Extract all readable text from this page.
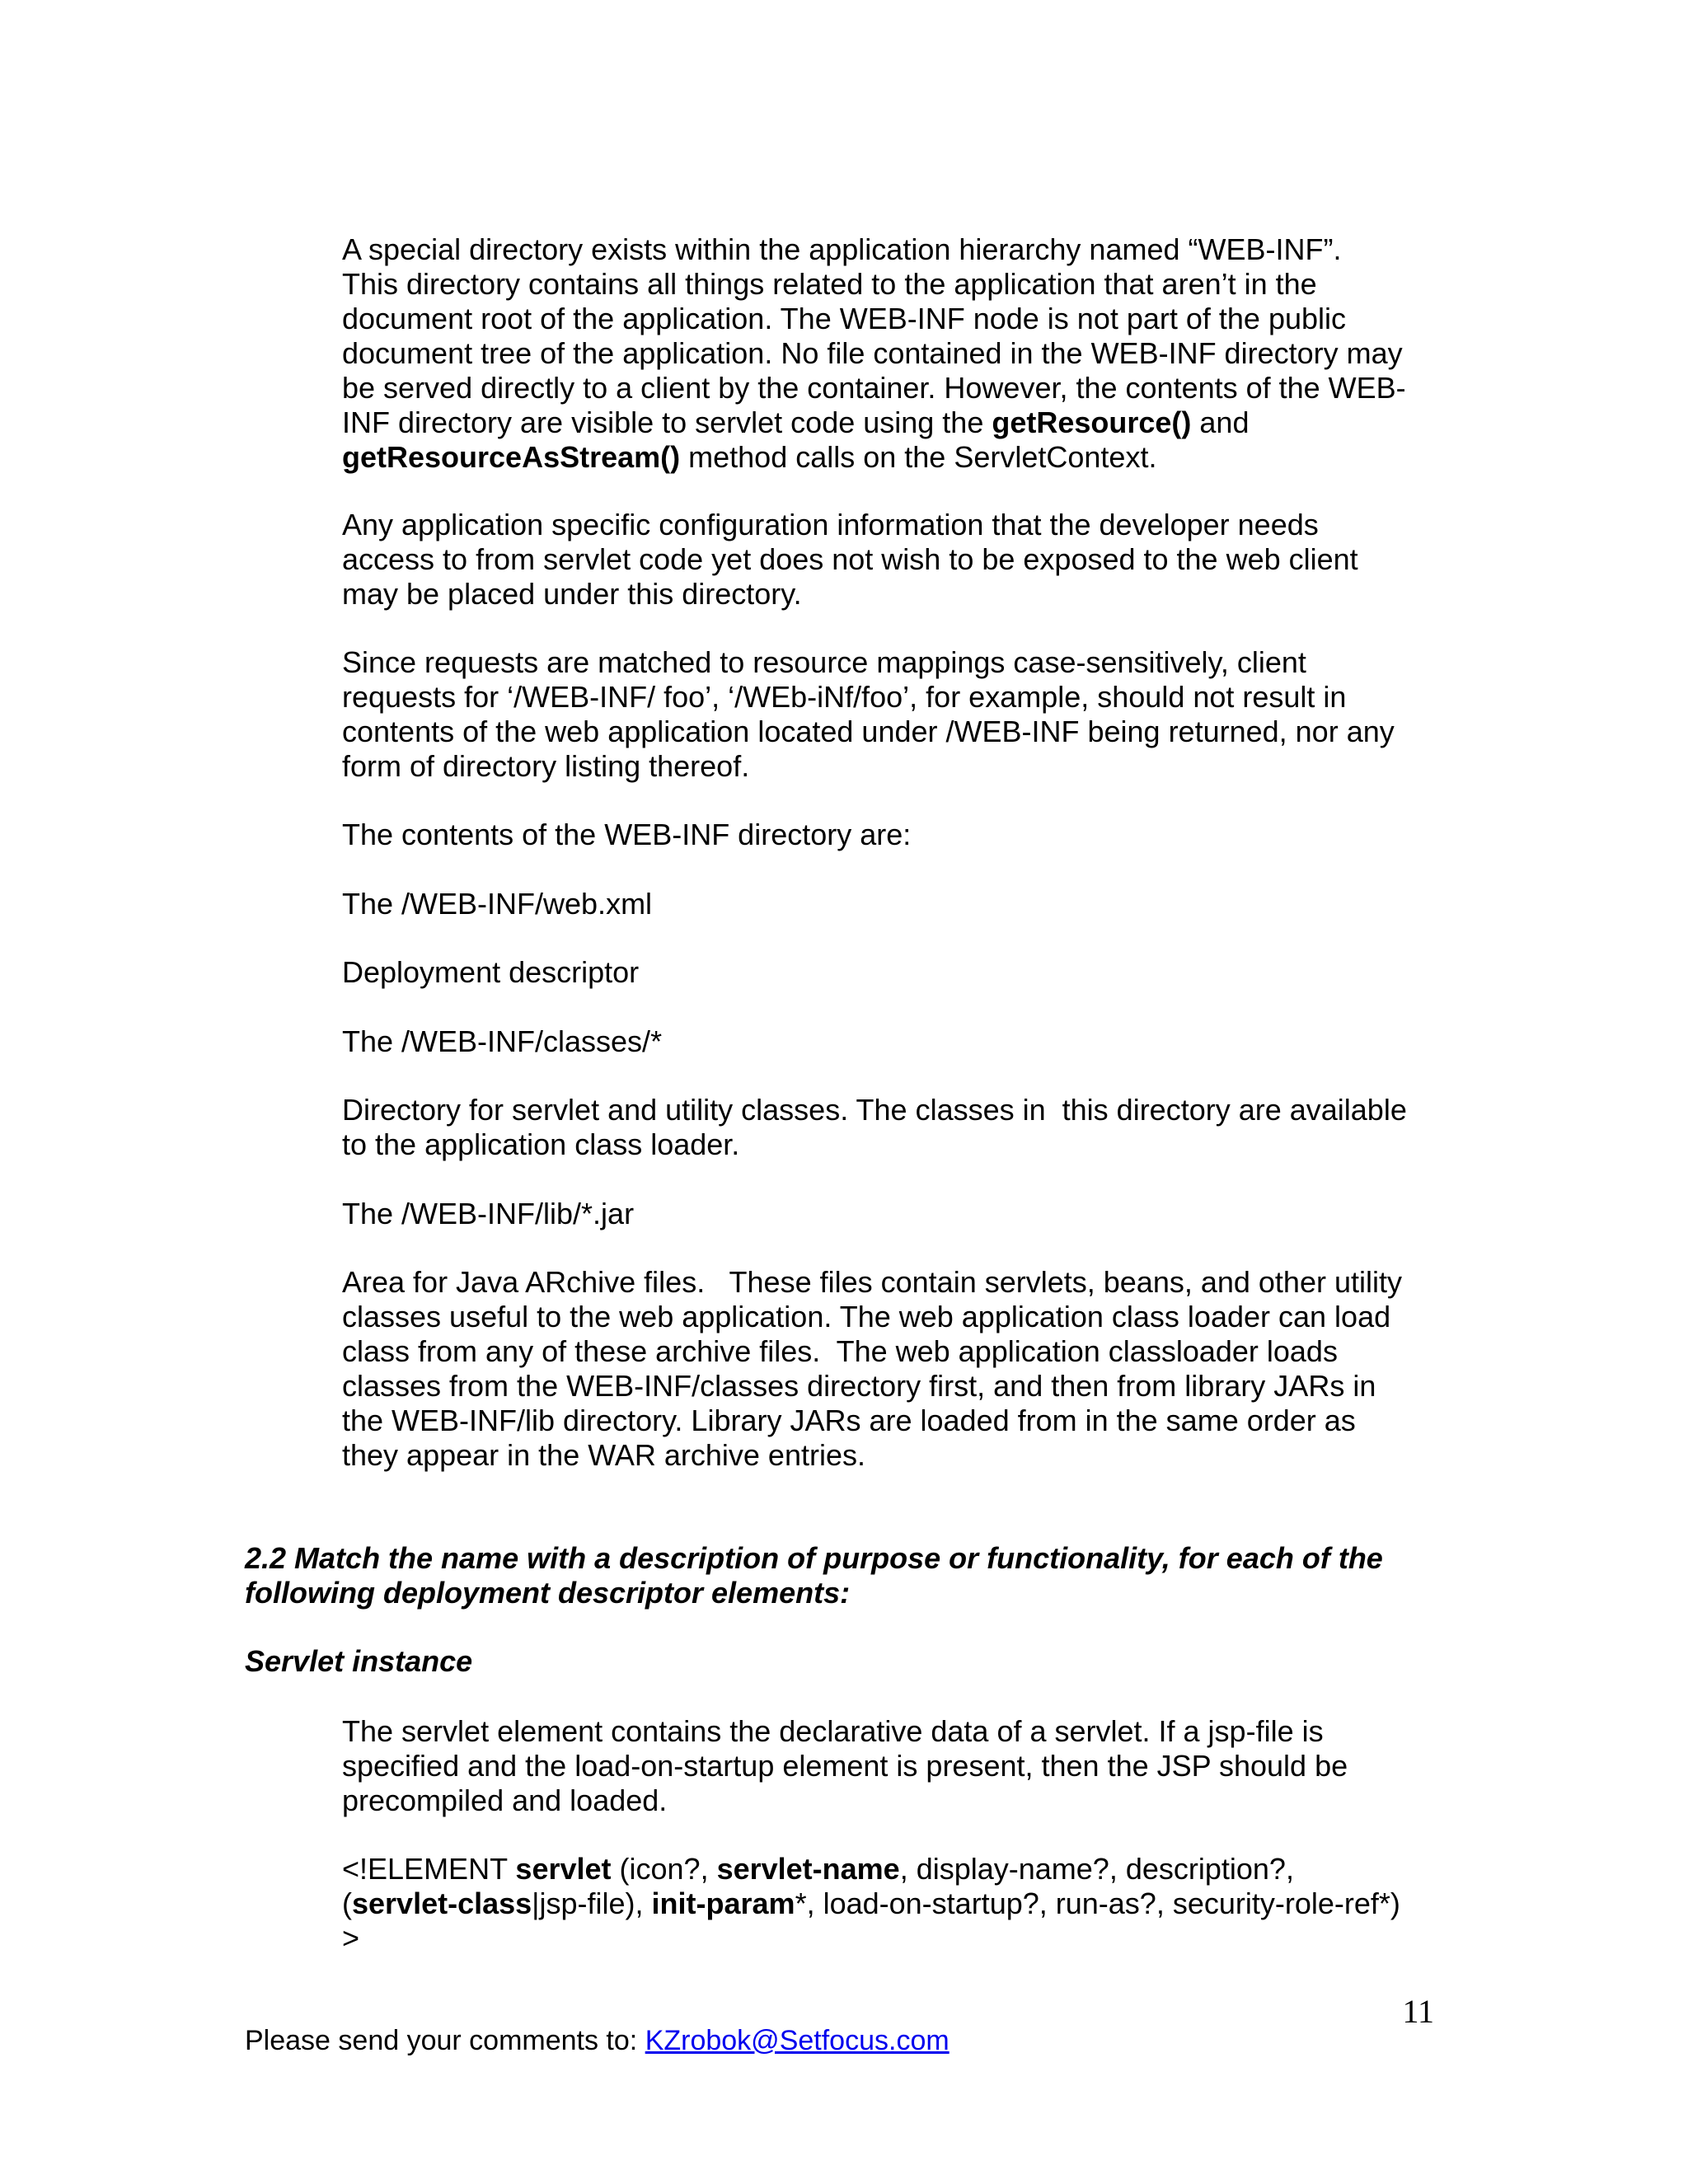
A special directory exists within the application hierarchy named “WEB-INF”.
This directory contains all things related to the application that aren’t in the
document root of the application. The WEB-INF node is not part of the public
document tree of the application. No file contained in the WEB-INF directory may
be served directly to a client by the container. However, the contents of the WEB-
INF directory are visible to servlet code using the getResource() and
getResourceAsStream() method calls on the ServletContext.

Any application specific configuration information that the developer needs
access to from servlet code yet does not wish to be exposed to the web client
may be placed under this directory.

Since requests are matched to resource mappings case-sensitively, client
requests for ‘/WEB-INF/ foo’, ‘/WEb-iNf/foo’, for example, should not result in
contents of the web application located under /WEB-INF being returned, nor any
form of directory listing thereof.

The contents of the WEB-INF directory are:

The /WEB-INF/web.xml

Deployment descriptor

The /WEB-INF/classes/*

Directory for servlet and utility classes. The classes in  this directory are available
to the application class loader.

The /WEB-INF/lib/*.jar

Area for Java ARchive files.   These files contain servlets, beans, and other utility
classes useful to the web application. The web application class loader can load
class from any of these archive files.  The web application classloader loads
classes from the WEB-INF/classes directory first, and then from library JARs in
the WEB-INF/lib directory. Library JARs are loaded from in the same order as
they appear in the WAR archive entries.

2.2 Match the name with a description of purpose or functionality, for each of the
following deployment descriptor elements:

Servlet instance

The servlet element contains the declarative data of a servlet. If a jsp-file is
specified and the load-on-startup element is present, then the JSP should be
precompiled and loaded.

<!ELEMENT servlet (icon?, servlet-name, display-name?, description?,
(servlet-class|jsp-file), init-param*, load-on-startup?, run-as?, security-role-ref*)
>

11
Please send your comments to: KZrobok@Setfocus.com
